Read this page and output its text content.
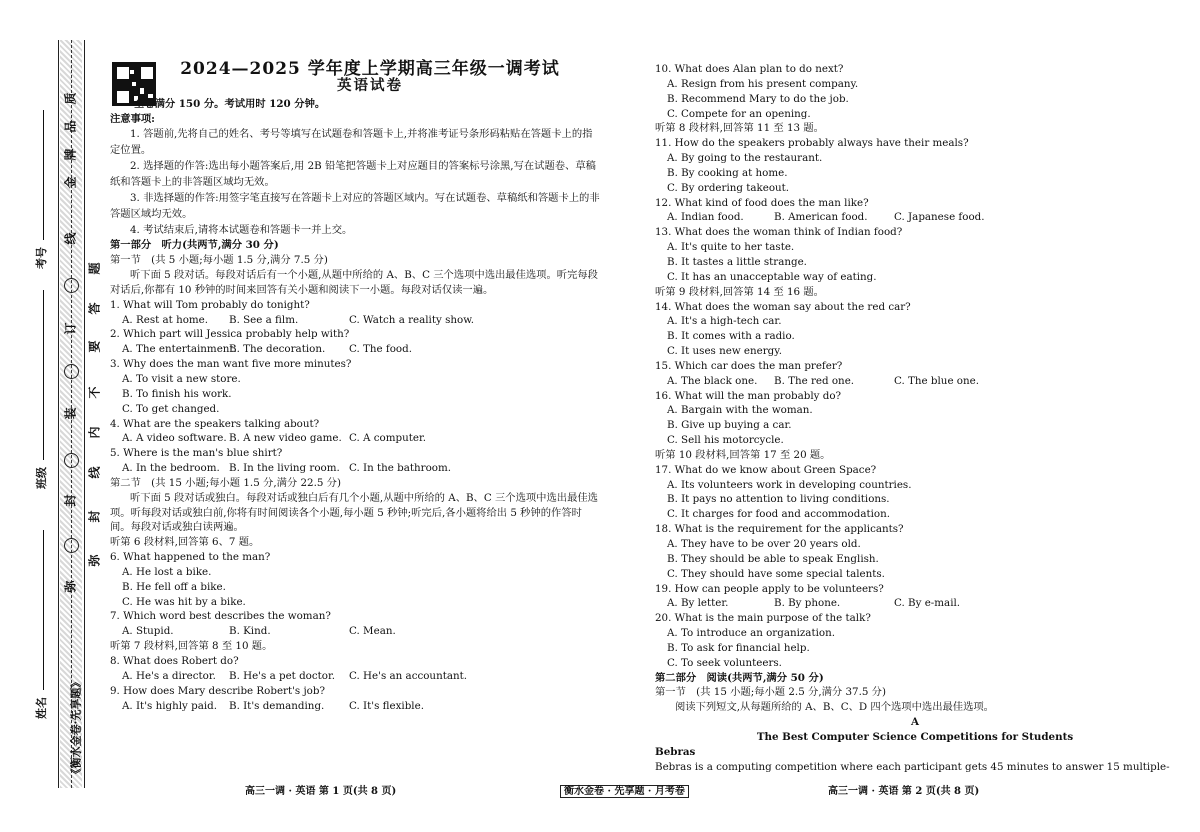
考号
班级
姓名
质
品
牌
金
线
订
装
封
弥
题
答
要
不
内
线
封
弥
《衡水金卷·先享题》
2024—2025 学年度上学期高三年级一调考试
英语试卷

全卷满分 150 分。考试用时 120 分钟。

注意事项:

1. 答题前,先将自己的姓名、考号等填写在试题卷和答题卡上,并将准考证号条形码粘贴在答题卡上的指定位置。

2. 选择题的作答:选出每小题答案后,用 2B 铅笔把答题卡上对应题目的答案标号涂黑,写在试题卷、草稿纸和答题卡上的非答题区域均无效。

3. 非选择题的作答:用签字笔直接写在答题卡上对应的答题区域内。写在试题卷、草稿纸和答题卡上的非答题区域均无效。

4. 考试结束后,请将本试题卷和答题卡一并上交。

第一部分　听力(共两节,满分 30 分)

第一节　(共 5 小题;每小题 1.5 分,满分 7.5 分)

听下面 5 段对话。每段对话后有一个小题,从题中所给的 A、B、C 三个选项中选出最佳选项。听完每段对话后,你都有 10 秒钟的时间来回答有关小题和阅读下一小题。每段对话仅读一遍。

1. What will Tom probably do tonight?

A. Rest at home. B. See a film.	C. Watch a reality show.

2. Which part will Jessica probably help with?

A. The entertainment.B. The decoration. C. The food.

3. Why does the man want five more minutes?

A. To visit a new store.

B. To finish his work.

C. To get changed.

4. What are the speakers talking about?

A. A video software. B. A new video game. C. A computer.

5. Where is the man's blue shirt?

A. In the bedroom. B. In the living room. C. In the bathroom.

第二节　(共 15 小题;每小题 1.5 分,满分 22.5 分)

听下面 5 段对话或独白。每段对话或独白后有几个小题,从题中所给的 A、B、C 三个选项中选出最佳选项。听每段对话或独白前,你将有时间阅读各个小题,每小题 5 秒钟;听完后,各小题将给出 5 秒钟的作答时间。每段对话或独白读两遍。

听第 6 段材料,回答第 6、7 题。

6. What happened to the man?

A. He lost a bike.

B. He fell off a bike.

C. He was hit by a bike.

7. Which word best describes the woman?

A. Stupid.	B. Kind.	C. Mean.

听第 7 段材料,回答第 8 至 10 题。

8. What does Robert do?

A. He's a director. B. He's a pet doctor. C. He's an accountant.

9. How does Mary describe Robert's job?

A. It's highly paid. B. It's demanding. C. It's flexible.

10. What does Alan plan to do next?

A. Resign from his present company.

B. Recommend Mary to do the job.

C. Compete for an opening.

听第 8 段材料,回答第 11 至 13 题。

11. How do the speakers probably always have their meals?

A. By going to the restaurant.

B. By cooking at home.

C. By ordering takeout.

12. What kind of food does the man like?

A. Indian food.	B. American food.	C. Japanese food.

13. What does the woman think of Indian food?

A. It's quite to her taste.

B. It tastes a little strange.

C. It has an unacceptable way of eating.

听第 9 段材料,回答第 14 至 16 题。

14. What does the woman say about the red car?

A. It's a high-tech car.

B. It comes with a radio.

C. It uses new energy.

15. Which car does the man prefer?

A. The black one. B. The red one.	C. The blue one.

16. What will the man probably do?

A. Bargain with the woman.

B. Give up buying a car.

C. Sell his motorcycle.

听第 10 段材料,回答第 17 至 20 题。

17. What do we know about Green Space?

A. Its volunteers work in developing countries.

B. It pays no attention to living conditions.

C. It charges for food and accommodation.

18. What is the requirement for the applicants?

A. They have to be over 20 years old.

B. They should be able to speak English.

C. They should have some special talents.

19. How can people apply to be volunteers?

A. By letter.	B. By phone.	C. By e-mail.

20. What is the main purpose of the talk?

A. To introduce an organization.

B. To ask for financial help.

C. To seek volunteers.

第二部分　阅读(共两节,满分 50 分)

第一节　(共 15 小题;每小题 2.5 分,满分 37.5 分)

阅读下列短文,从每题所给的 A、B、C、D 四个选项中选出最佳选项。

A

The Best Computer Science Competitions for Students

Bebras

Bebras is a computing competition where each participant gets 45 minutes to answer 15 multiple-

高三一调 · 英语 第 1 页(共 8 页)	衡水金卷 · 先享题 · 月考卷	高三一调 · 英语 第 2 页(共 8 页)
